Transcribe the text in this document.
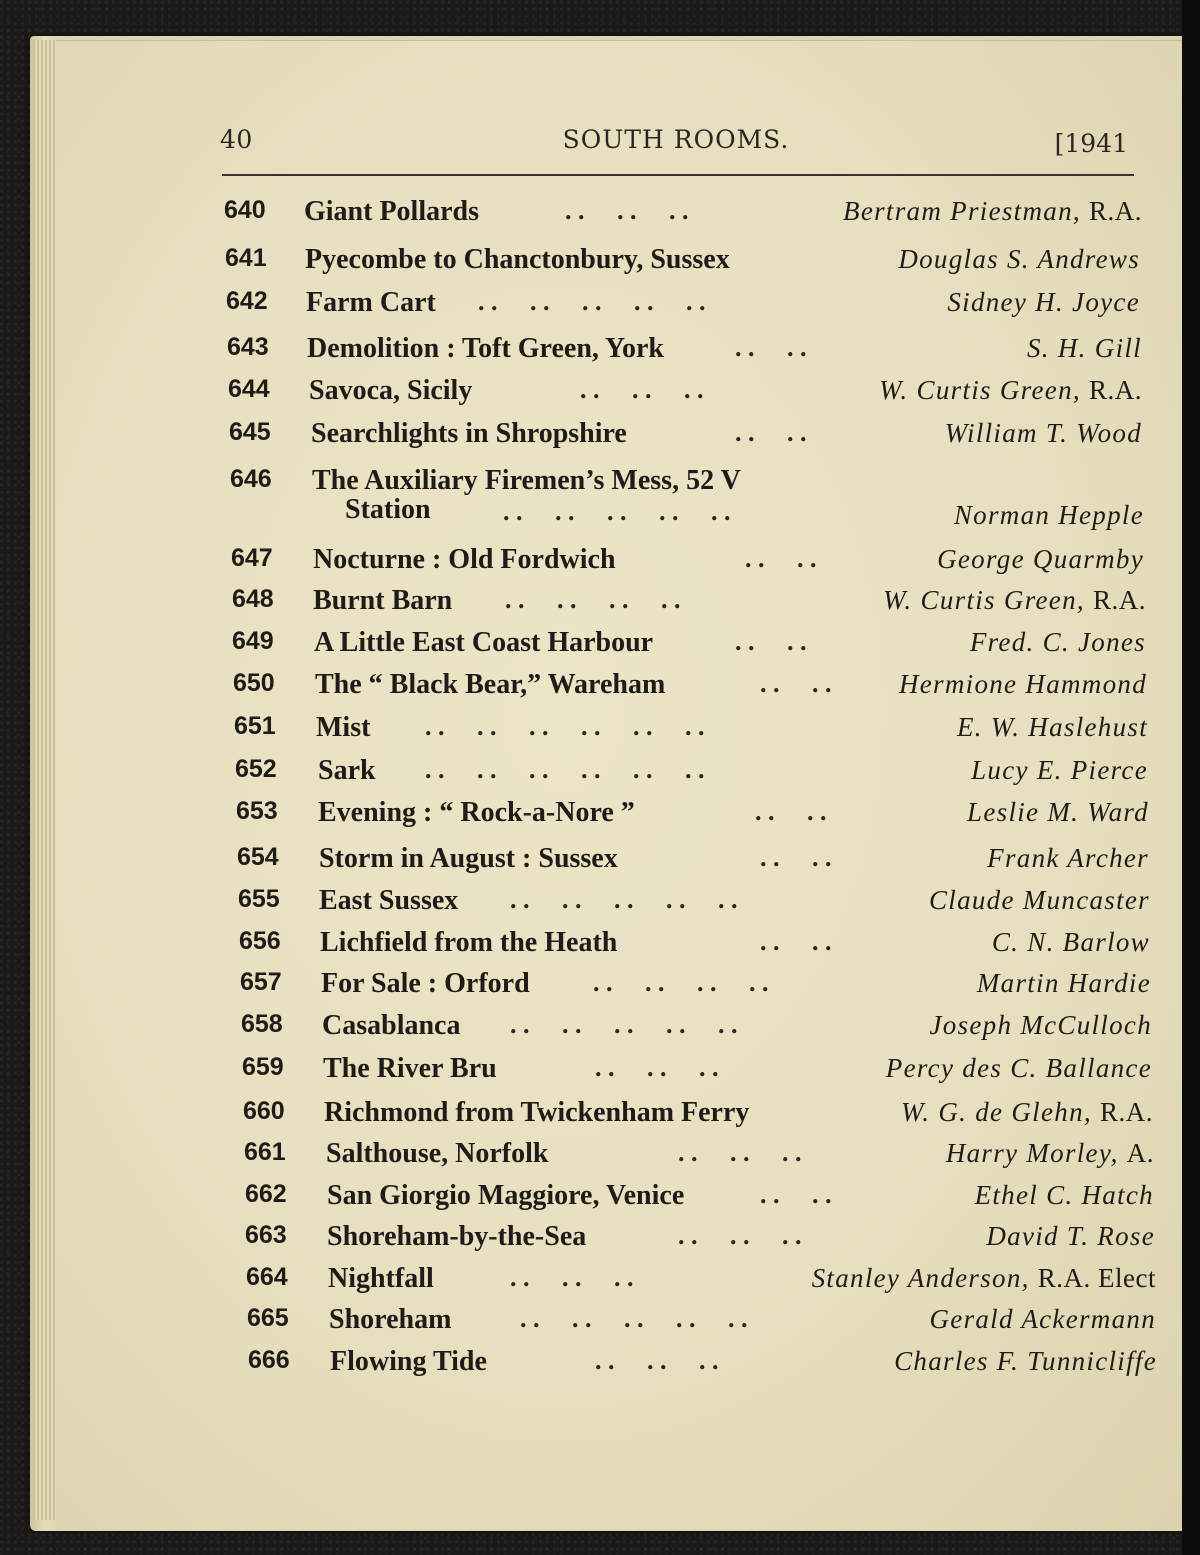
40	SOUTH ROOMS.	[1941
640 Giant Pollards	. .     . .     . .	Bertram Priestman, R.A.
641 Pyecombe to Chanctonbury, Sussex	Douglas S. Andrews
642 Farm Cart . .     . .     . .     . .     . .	Sidney H. Joyce
643 Demolition : Toft Green, York	. .     . .	S. H. Gill
644 Savoca, Sicily	. .     . .     . .	W. Curtis Green, R.A.
645 Searchlights in Shropshire	. .     . .	William T. Wood
646 The Auxiliary Firemen’s Mess, 52 V
Station	. .     . .     . .     . .     . .	Norman Hepple
647 Nocturne : Old Fordwich	. .     . .	George Quarmby
648 Burnt Barn . .     . .     . .     . .	W. Curtis Green, R.A.
649 A Little East Coast Harbour	. .     . .	Fred. C. Jones
650 The “ Black Bear,” Wareham	. .     . . Hermione Hammond
651 Mist . .     . .     . .     . .     . .     . .	E. W. Haslehust
652 Sark . .     . .     . .     . .     . .     . .	Lucy E. Pierce
653 Evening : “ Rock-a-Nore ”	. .     . .	Leslie M. Ward
654 Storm in August : Sussex	. .     . .	Frank Archer
655 East Sussex . .     . .     . .     . .     . .	Claude Muncaster
656 Lichfield from the Heath	. .     . .	C. N. Barlow
657 For Sale : Orford . .     . .     . .     . .	Martin Hardie
658 Casablanca . .     . .     . .     . .     . .	Joseph McCulloch
659 The River Bru	. .     . .     . .	Percy des C. Ballance
660 Richmond from Twickenham Ferry	W. G. de Glehn, R.A.
661 Salthouse, Norfolk	. .     . .     . .	Harry Morley, A.
662 San Giorgio Maggiore, Venice	. .     . .	Ethel C. Hatch
663 Shoreham-by-the-Sea	. .     . .     . .	David T. Rose
664 Nightfall	. .     . .     . .	Stanley Anderson, R.A. Elect
665 Shoreham	. .     . .     . .     . .     . .	Gerald Ackermann
666 Flowing Tide	. .     . .     . .	Charles F. Tunnicliffe
